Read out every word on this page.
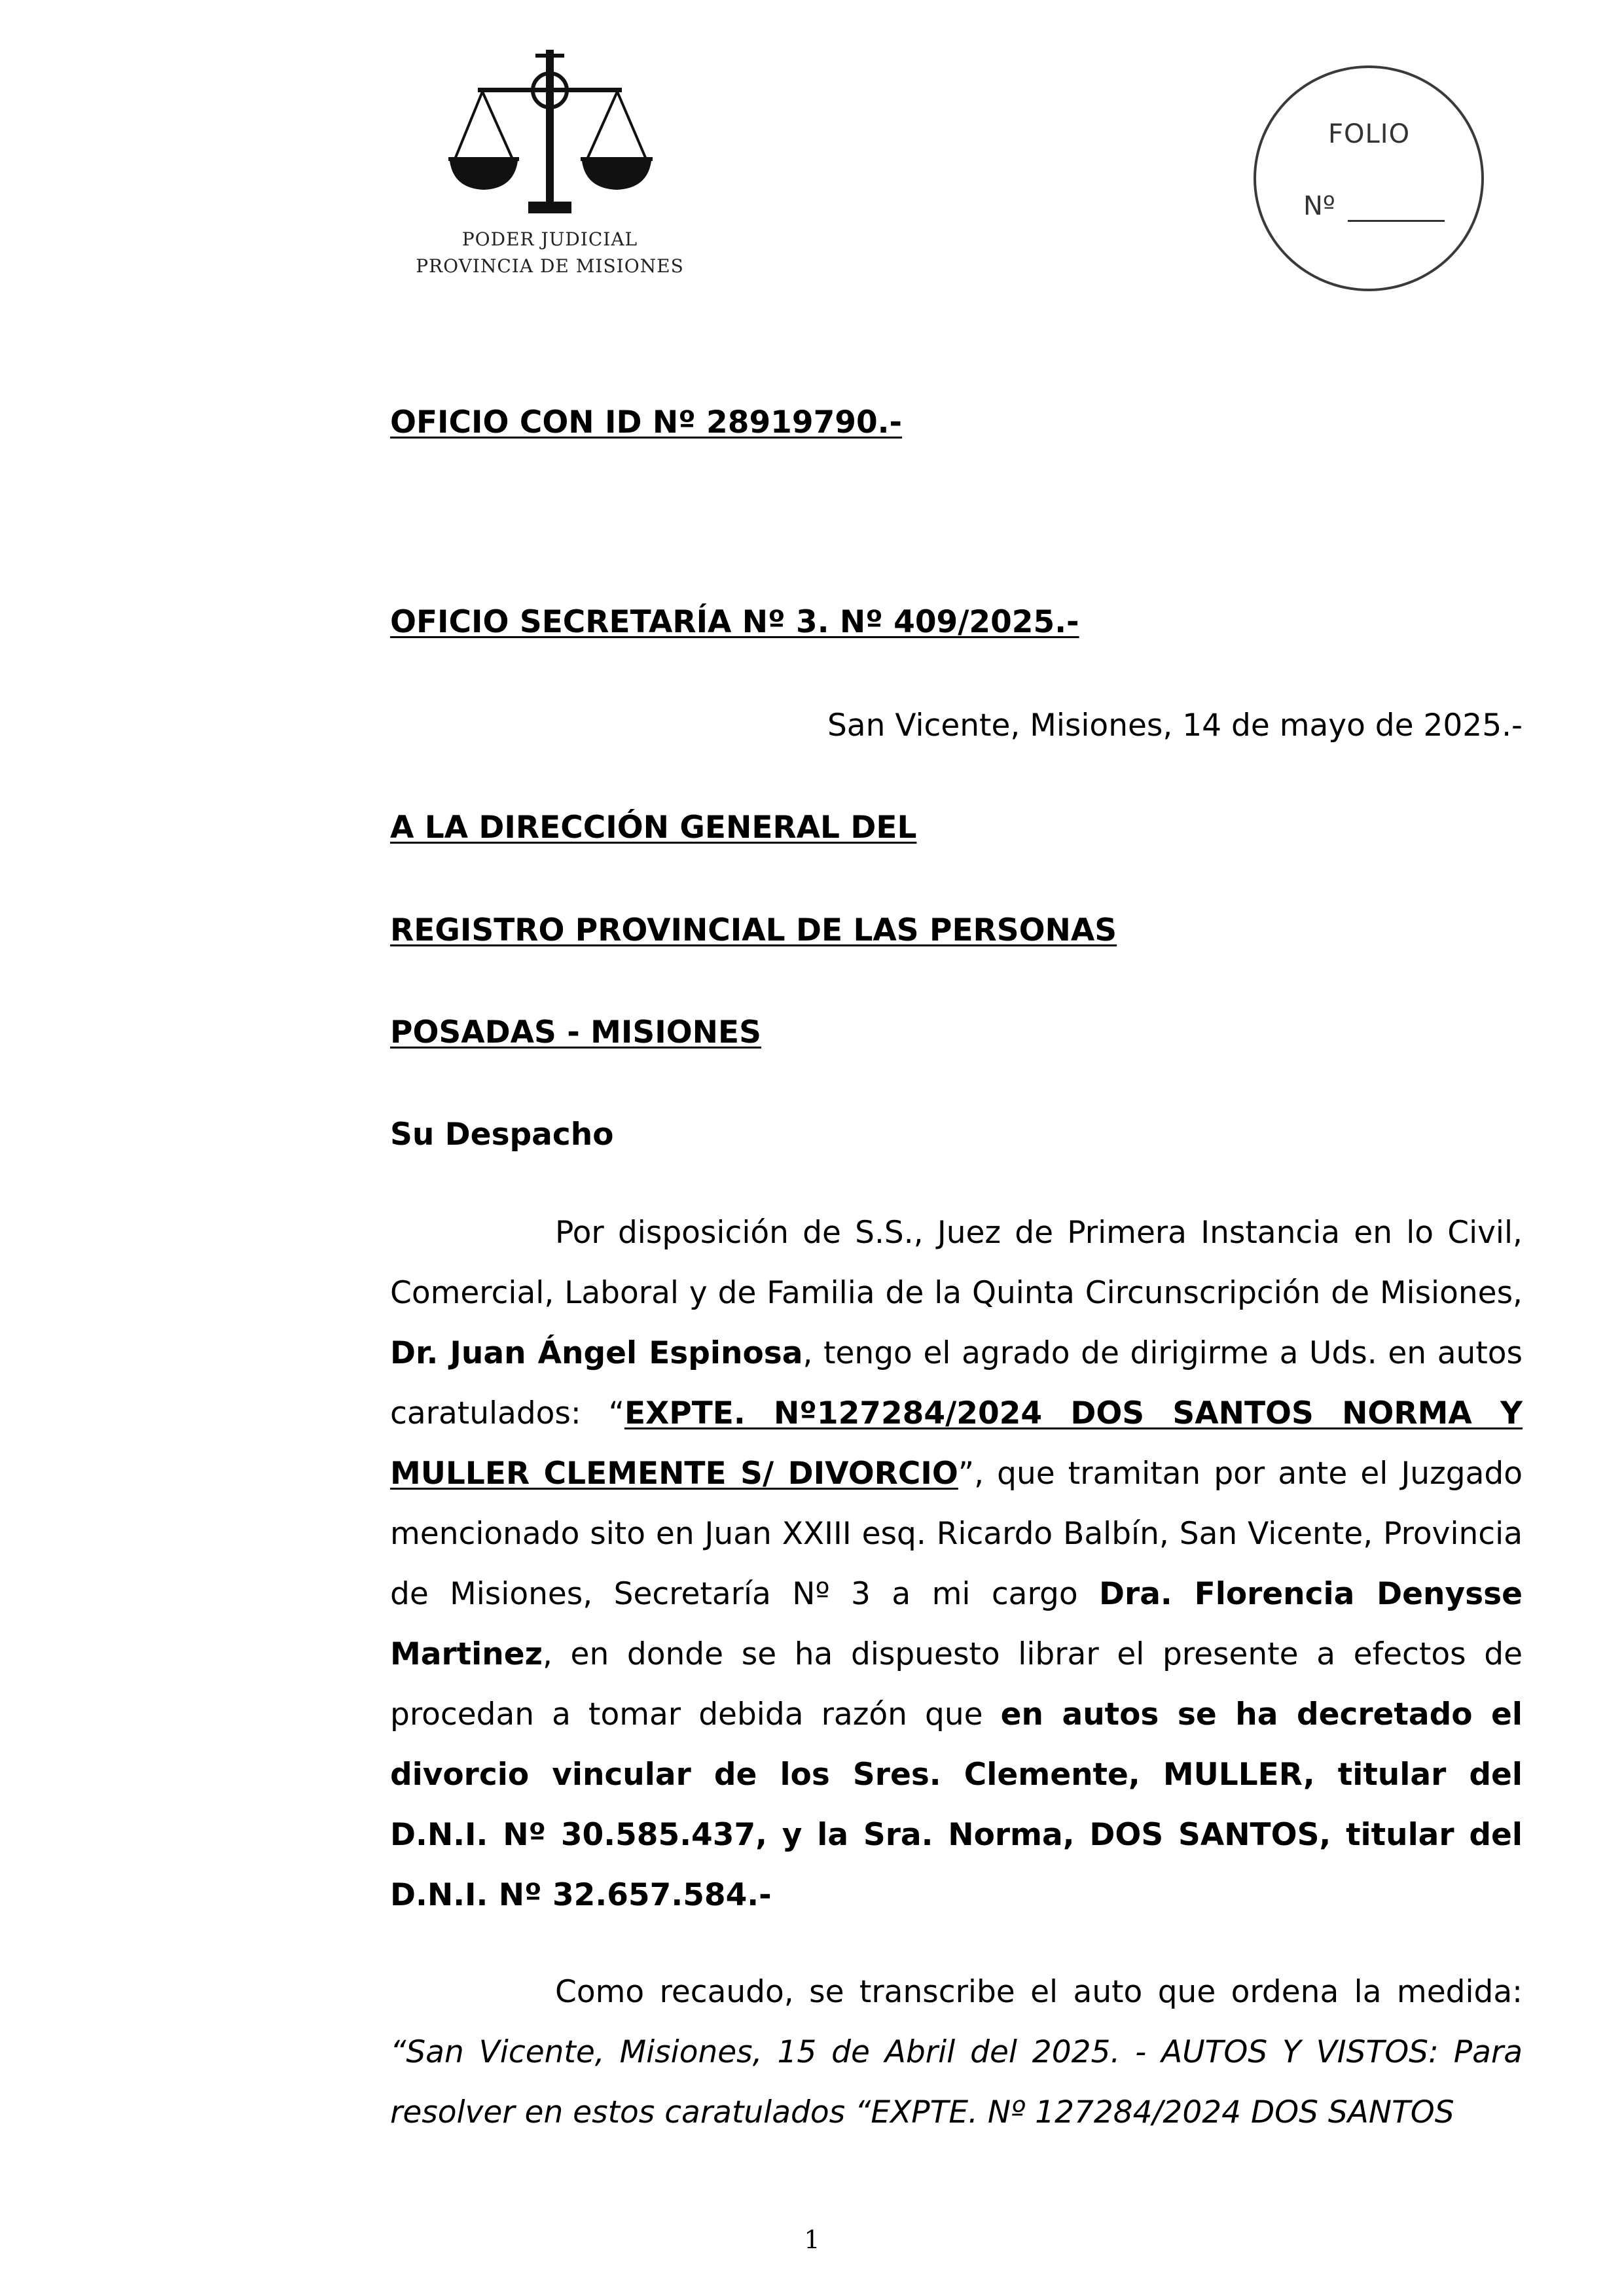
PODER JUDICIAL
PROVINCIA DE MISIONES
FOLIO
Nº
OFICIO CON ID Nº 28919790.-
OFICIO SECRETARÍA Nº 3. Nº 409/2025.-
San Vicente, Misiones, 14 de mayo de 2025.-
A LA DIRECCIÓN GENERAL DEL
REGISTRO PROVINCIAL DE LAS PERSONAS
POSADAS - MISIONES
Su Despacho
Por disposición de S.S., Juez de Primera Instancia en lo Civil, Comercial, Laboral y de Familia de la Quinta Circunscripción de Misiones, Dr. Juan Ángel Espinosa, tengo el agrado de dirigirme a Uds. en autos caratulados: “EXPTE. Nº127284/2024 DOS SANTOS NORMA Y MULLER CLEMENTE S/ DIVORCIO”, que tramitan por ante el Juzgado mencionado sito en Juan XXIII esq. Ricardo Balbín, San Vicente, Provincia de Misiones, Secretaría Nº 3 a mi cargo Dra. Florencia Denysse Martinez, en donde se ha dispuesto librar el presente a efectos de procedan a tomar debida razón que en autos se ha decretado el divorcio vincular de los Sres. Clemente, MULLER, titular del D.N.I. Nº 30.585.437, y la Sra. Norma, DOS SANTOS, titular del D.N.I. Nº 32.657.584.-
Como recaudo, se transcribe el auto que ordena la medida: “San Vicente, Misiones, 15 de Abril del 2025. - AUTOS Y VISTOS: Para resolver en estos caratulados “EXPTE. Nº 127284/2024 DOS SANTOS
1
